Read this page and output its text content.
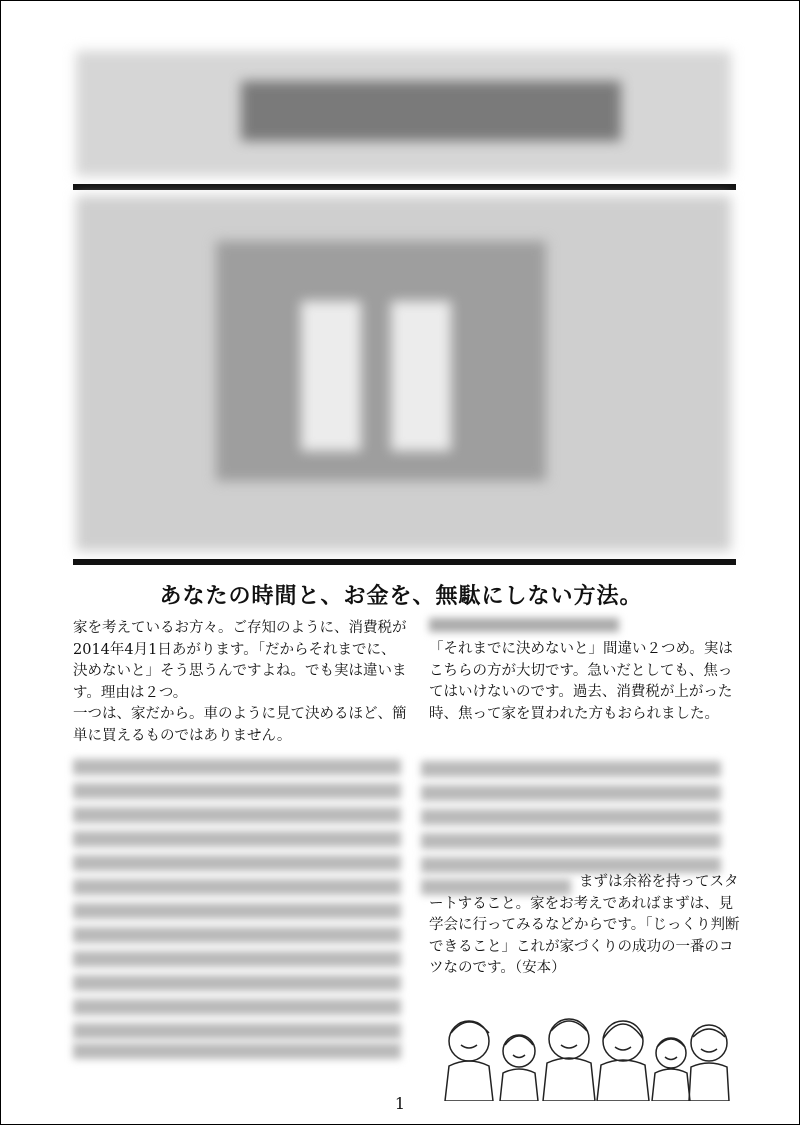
あなたの時間と、お金を、無駄にしない方法。

家を考えているお方々。ご存知のように、消費税が2014年4月1日あがります。「だからそれまでに、決めないと」そう思うんですよね。でも実は違います。理由は２つ。

一つは、家だから。車のように見て決めるほど、簡単に買えるものではありません。

「それまでに決めないと」間違い２つめ。実はこちらの方が大切です。急いだとしても、焦ってはいけないのです。過去、消費税が上がった時、焦って家を買われた方もおられました。

まずは余裕を持ってスタートすること。家をお考えであればまずは、見学会に行ってみるなどからです。「じっくり判断できること」これが家づくりの成功の一番のコツなのです。（安本）

1
